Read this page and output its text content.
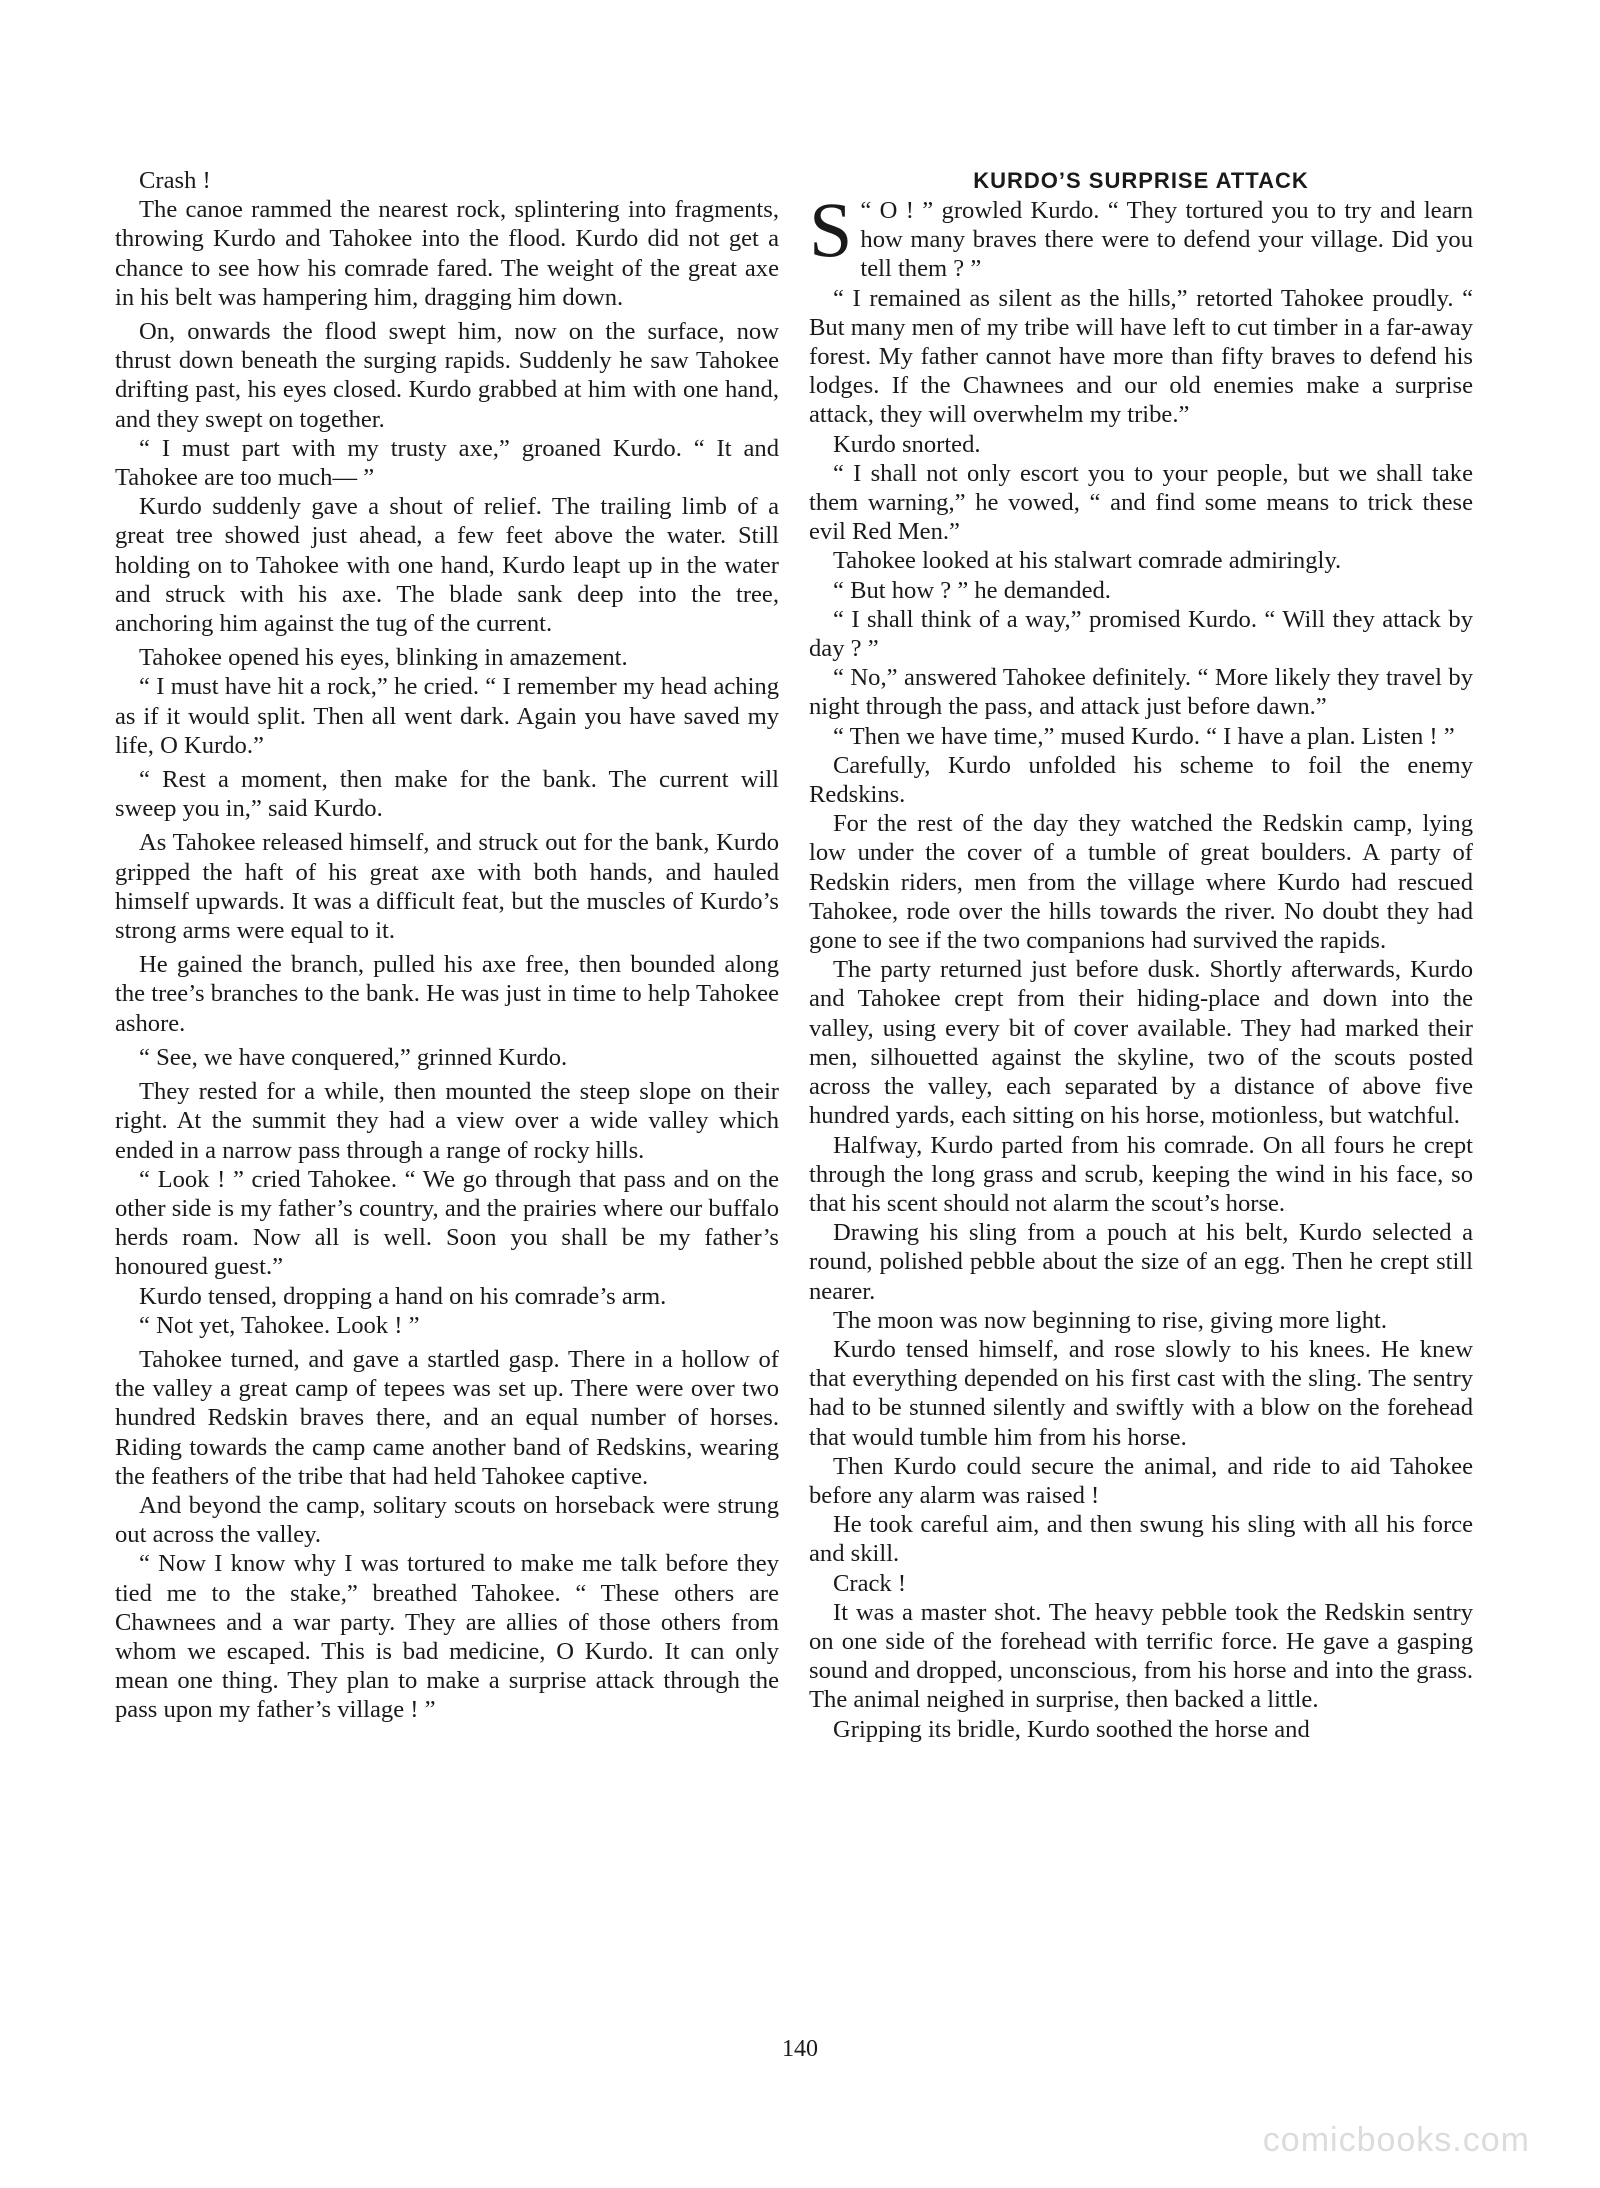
Crash !

The canoe rammed the nearest rock, splintering into fragments, throwing Kurdo and Tahokee into the flood. Kurdo did not get a chance to see how his comrade fared. The weight of the great axe in his belt was hampering him, dragging him down.

On, onwards the flood swept him, now on the surface, now thrust down beneath the surging rapids. Suddenly he saw Tahokee drifting past, his eyes closed. Kurdo grabbed at him with one hand, and they swept on together.

“ I must part with my trusty axe,” groaned Kurdo. “ It and Tahokee are too much— ”

Kurdo suddenly gave a shout of relief. The trailing limb of a great tree showed just ahead, a few feet above the water. Still holding on to Tahokee with one hand, Kurdo leapt up in the water and struck with his axe. The blade sank deep into the tree, anchoring him against the tug of the current.

Tahokee opened his eyes, blinking in amazement.

“ I must have hit a rock,” he cried. “ I remember my head aching as if it would split. Then all went dark. Again you have saved my life, O Kurdo.”

“ Rest a moment, then make for the bank. The current will sweep you in,” said Kurdo.

As Tahokee released himself, and struck out for the bank, Kurdo gripped the haft of his great axe with both hands, and hauled himself upwards. It was a difficult feat, but the muscles of Kurdo’s strong arms were equal to it.

He gained the branch, pulled his axe free, then bounded along the tree’s branches to the bank. He was just in time to help Tahokee ashore.

“ See, we have conquered,” grinned Kurdo.

They rested for a while, then mounted the steep slope on their right. At the summit they had a view over a wide valley which ended in a narrow pass through a range of rocky hills.

“ Look ! ” cried Tahokee. “ We go through that pass and on the other side is my father’s country, and the prairies where our buffalo herds roam. Now all is well. Soon you shall be my father’s honoured guest.”

Kurdo tensed, dropping a hand on his comrade’s arm.

“ Not yet, Tahokee. Look ! ”

Tahokee turned, and gave a startled gasp. There in a hollow of the valley a great camp of tepees was set up. There were over two hundred Redskin braves there, and an equal number of horses. Riding towards the camp came another band of Redskins, wearing the feathers of the tribe that had held Tahokee captive.

And beyond the camp, solitary scouts on horseback were strung out across the valley.

“ Now I know why I was tortured to make me talk before they tied me to the stake,” breathed Tahokee. “ These others are Chawnees and a war party. They are allies of those others from whom we escaped. This is bad medicine, O Kurdo. It can only mean one thing. They plan to make a surprise attack through the pass upon my father’s village ! ”

KURDO’S SURPRISE ATTACK

“
S O ! ” growled Kurdo. “ They tortured you to try and learn how many braves there were to defend your village. Did you tell them ? ”

“ I remained as silent as the hills,” retorted Tahokee proudly. “ But many men of my tribe will have left to cut timber in a far-away forest. My father cannot have more than fifty braves to defend his lodges. If the Chawnees and our old enemies make a surprise attack, they will overwhelm my tribe.”

Kurdo snorted.

“ I shall not only escort you to your people, but we shall take them warning,” he vowed, “ and find some means to trick these evil Red Men.”

Tahokee looked at his stalwart comrade admiringly.

“ But how ? ” he demanded.

“ I shall think of a way,” promised Kurdo. “ Will they attack by day ? ”

“ No,” answered Tahokee definitely. “ More likely they travel by night through the pass, and attack just before dawn.”

“ Then we have time,” mused Kurdo. “ I have a plan. Listen ! ”

Carefully, Kurdo unfolded his scheme to foil the enemy Redskins.

For the rest of the day they watched the Redskin camp, lying low under the cover of a tumble of great boulders. A party of Redskin riders, men from the village where Kurdo had rescued Tahokee, rode over the hills towards the river. No doubt they had gone to see if the two companions had survived the rapids.

The party returned just before dusk. Shortly afterwards, Kurdo and Tahokee crept from their hiding-place and down into the valley, using every bit of cover available. They had marked their men, silhouetted against the skyline, two of the scouts posted across the valley, each separated by a distance of above five hundred yards, each sitting on his horse, motionless, but watchful.

Halfway, Kurdo parted from his comrade. On all fours he crept through the long grass and scrub, keeping the wind in his face, so that his scent should not alarm the scout’s horse.

Drawing his sling from a pouch at his belt, Kurdo selected a round, polished pebble about the size of an egg. Then he crept still nearer.

The moon was now beginning to rise, giving more light.

Kurdo tensed himself, and rose slowly to his knees. He knew that everything depended on his first cast with the sling. The sentry had to be stunned silently and swiftly with a blow on the forehead that would tumble him from his horse.

Then Kurdo could secure the animal, and ride to aid Tahokee before any alarm was raised !

He took careful aim, and then swung his sling with all his force and skill.

Crack !

It was a master shot. The heavy pebble took the Redskin sentry on one side of the forehead with terrific force. He gave a gasping sound and dropped, unconscious, from his horse and into the grass. The animal neighed in surprise, then backed a little.

Gripping its bridle, Kurdo soothed the horse and

140
comicbooks.com
